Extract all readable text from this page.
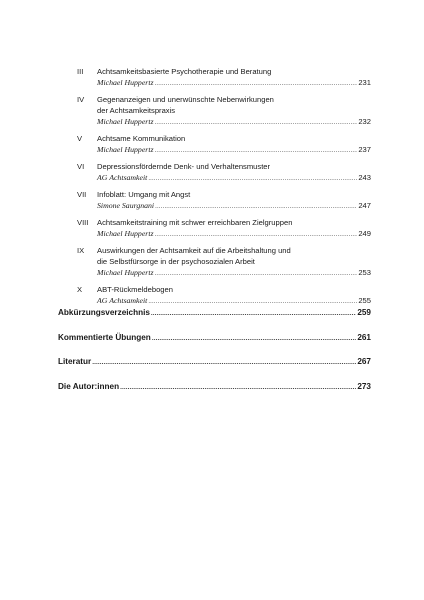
III	Achtsamkeitsbasierte Psychotherapie und Beratung
Michael Huppertz .....	231
IV	Gegenanzeigen und unerwünschte Nebenwirkungen
der Achtsamkeitspraxis
Michael Huppertz .....	232
V	Achtsame Kommunikation
Michael Huppertz .....	237
VI	Depressionsfördernde Denk- und Verhaltensmuster
AG Achtsamkeit .....	243
VII	Infoblatt: Umgang mit Angst
Simone Saurgnani .....	247
VIII	Achtsamkeitstraining mit schwer erreichbaren Zielgruppen
Michael Huppertz .....	249
IX	Auswirkungen der Achtsamkeit auf die Arbeitshaltung und
die Selbstfürsorge in der psychosozialen Arbeit
Michael Huppertz .....	253
X	ABT-Rückmeldebogen
AG Achtsamkeit .....	255
Abkürzungsverzeichnis .....	259
Kommentierte Übungen .....	261
Literatur .....	267
Die Autor:innen .....	273
